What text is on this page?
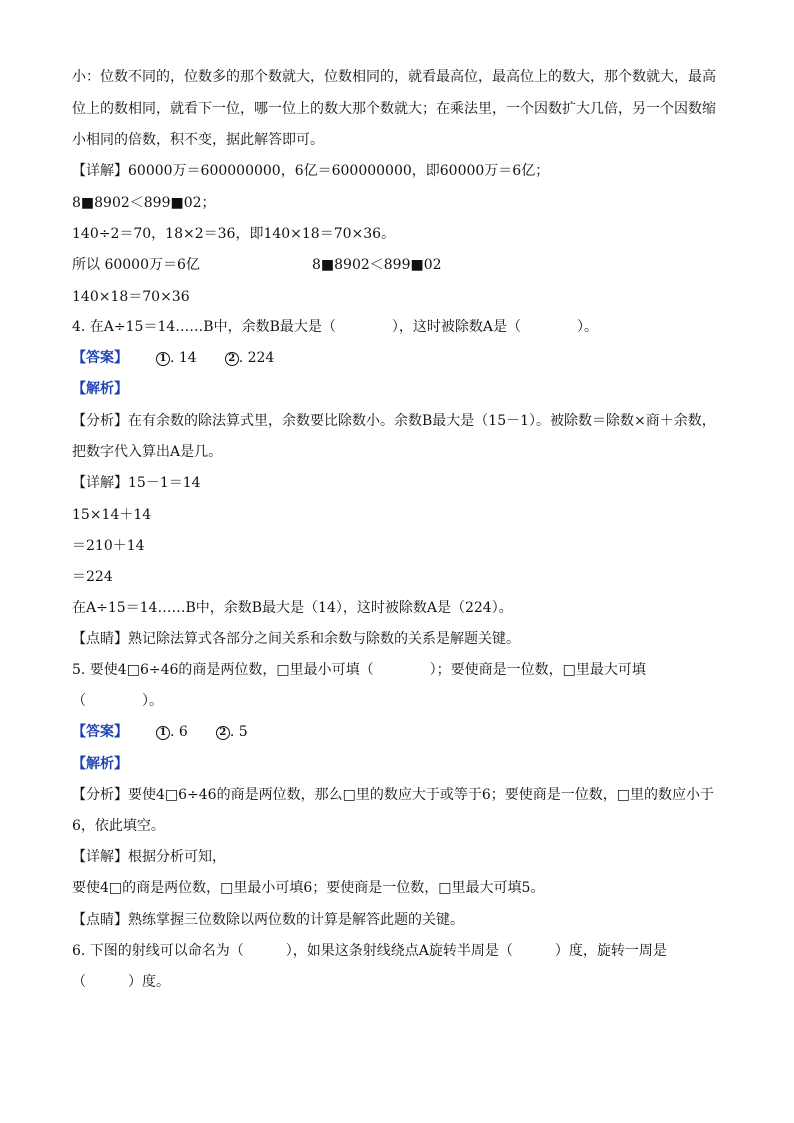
小：位数不同的，位数多的那个数就大，位数相同的，就看最高位，最高位上的数大，那个数就大，最高
位上的数相同，就看下一位，哪一位上的数大那个数就大；在乘法里，一个因数扩大几倍，另一个因数缩
小相同的倍数，积不变，据此解答即可。
【详解】60000万＝600000000，6亿＝600000000，即60000万＝6亿；
8■8902＜899■02；
140÷2＝70，18×2＝36，即140×18＝70×36。
所以 60000万＝6亿	8■8902＜899■02
140×18＝70×36
4. 在A÷15＝14……B中，余数B最大是（　　　　），这时被除数A是（　　　　）。
【答案】	1 . 14	2 . 224
【解析】
【分析】在有余数的除法算式里，余数要比除数小。余数B最大是（15－1）。被除数＝除数×商＋余数，
把数字代入算出A是几。
【详解】15－1＝14
15×14＋14
＝210＋14
＝224
在A÷15＝14……B中，余数B最大是（14），这时被除数A是（224）。
【点睛】熟记除法算式各部分之间关系和余数与除数的关系是解题关键。
5. 要使4□6÷46的商是两位数，□里最小可填（　　　　）；要使商是一位数，□里最大可填
（　　　　）。
【答案】	1 . 6	2 . 5
【解析】
【分析】要使4□6÷46的商是两位数，那么□里的数应大于或等于6；要使商是一位数，□里的数应小于
6，依此填空。
【详解】根据分析可知，
要使4□的商是两位数，□里最小可填6；要使商是一位数，□里最大可填5。
【点睛】熟练掌握三位数除以两位数的计算是解答此题的关键。
6. 下图的射线可以命名为（　　　），如果这条射线绕点A旋转半周是（　　　）度，旋转一周是
（　　　）度。
